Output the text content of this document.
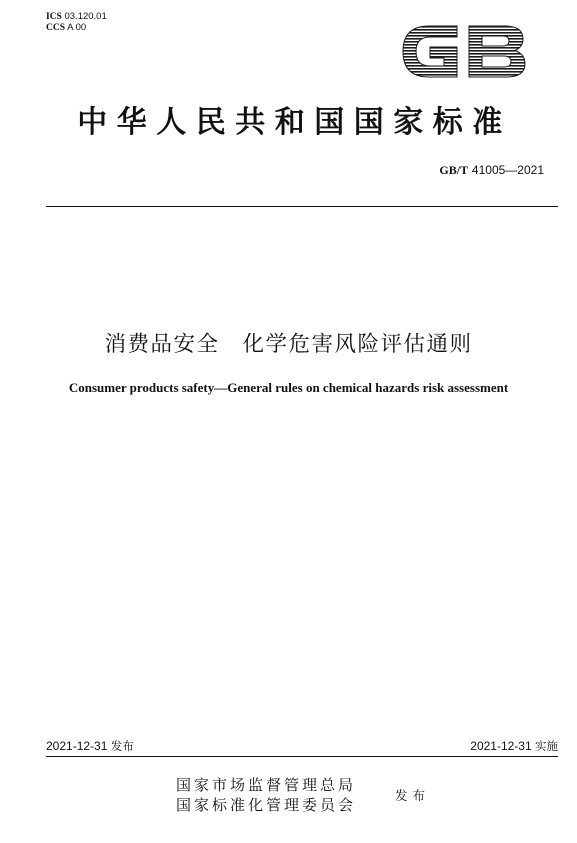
ICS 03.120.01
CCS A 00
中华人民共和国国家标准
GB/T 41005—2021
消费品安全　化学危害风险评估通则
Consumer products safety—General rules on chemical hazards risk assessment
2021-12-31 发布	2021-12-31 实施
国家市场监督管理总局
国家标准化管理委员会
发布
